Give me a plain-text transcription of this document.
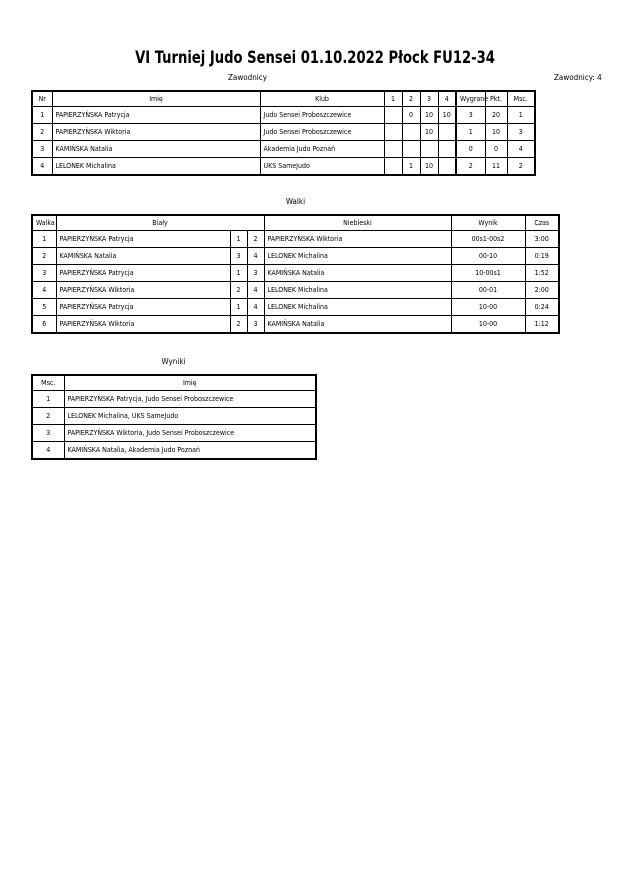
VI Turniej Judo Sensei 01.10.2022 Płock FU12-34
Zawodnicy	Zawodnicy: 4
Nr	Imię	Klub	1	2	3	4	Wygrane	Pkt.	Msc.
1	PAPIERZYŃSKA Patrycja	Judo Sensei Proboszczewice		0	10	10	3	20	1
2	PAPIERZYŃSKA Wiktoria	Judo Sensei Proboszczewice			10		1	10	3
3	KAMIŃSKA Natalia	Akademia Judo Poznań					0	0	4
4	LELONEK Michalina	UKS SameJudo		1	10		2	11	2
Walki
Walka	Biały			Niebieski	Wynik	Czas
1	PAPIERZYŃSKA Patrycja	1	2	PAPIERZYŃSKA Wiktoria	00s1-00s2	3:00
2	KAMIŃSKA Natalia	3	4	LELONEK Michalina	00-10	0:19
3	PAPIERZYŃSKA Patrycja	1	3	KAMIŃSKA Natalia	10-00s1	1:52
4	PAPIERZYŃSKA Wiktoria	2	4	LELONEK Michalina	00-01	2:00
5	PAPIERZYŃSKA Patrycja	1	4	LELONEK Michalina	10-00	0:24
6	PAPIERZYŃSKA Wiktoria	2	3	KAMIŃSKA Natalia	10-00	1:12
Wyniki
Msc.	Imię
1	PAPIERZYŃSKA Patrycja, Judo Sensei Proboszczewice
2	LELONEK Michalina, UKS SameJudo
3	PAPIERZYŃSKA Wiktoria, Judo Sensei Proboszczewice
4	KAMIŃSKA Natalia, Akademia Judo Poznań
